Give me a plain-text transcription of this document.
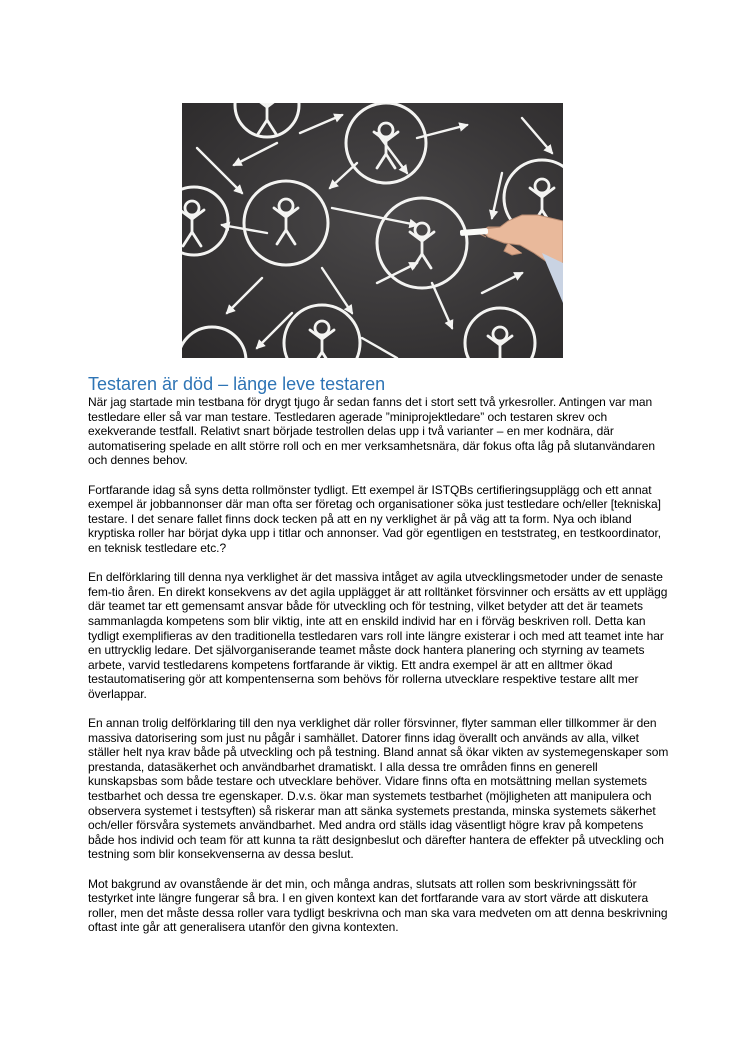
Testaren är död – länge leve testaren

När jag startade min testbana för drygt tjugo år sedan fanns det i stort sett två yrkesroller. Antingen var man testledare eller så var man testare. Testledaren agerade ”miniprojektledare” och testaren skrev och exekverande testfall. Relativt snart började testrollen delas upp i två varianter – en mer kodnära, där automatisering spelade en allt större roll och en mer verksamhetsnära, där fokus ofta låg på slutanvändaren och dennes behov.

Fortfarande idag så syns detta rollmönster tydligt. Ett exempel är ISTQBs certifieringsupplägg och ett annat exempel är jobbannonser där man ofta ser företag och organisationer söka just testledare och/eller [tekniska] testare. I det senare fallet finns dock tecken på att en ny verklighet är på väg att ta form. Nya och ibland kryptiska roller har börjat dyka upp i titlar och annonser. Vad gör egentligen en teststrateg, en testkoordinator, en teknisk testledare etc.?

En delförklaring till denna nya verklighet är det massiva intåget av agila utvecklingsmetoder under de senaste fem-tio åren. En direkt konsekvens av det agila upplägget är att rolltänket försvinner och ersätts av ett upplägg där teamet tar ett gemensamt ansvar både för utveckling och för testning, vilket betyder att det är teamets sammanlagda kompetens som blir viktig, inte att en enskild individ har en i förväg beskriven roll. Detta kan tydligt exemplifieras av den traditionella testledaren vars roll inte längre existerar i och med att teamet inte har en uttrycklig ledare. Det självorganiserande teamet måste dock hantera planering och styrning av teamets arbete, varvid testledarens kompetens fortfarande är viktig. Ett andra exempel är att en alltmer ökad testautomatisering gör att kompentenserna som behövs för rollerna utvecklare respektive testare allt mer överlappar.

En annan trolig delförklaring till den nya verklighet där roller försvinner, flyter samman eller tillkommer är den massiva datorisering som just nu pågår i samhället. Datorer finns idag överallt och används av alla, vilket ställer helt nya krav både på utveckling och på testning. Bland annat så ökar vikten av systemegenskaper som prestanda, datasäkerhet och användbarhet dramatiskt. I alla dessa tre områden finns en generell kunskapsbas som både testare och utvecklare behöver. Vidare finns ofta en motsättning mellan systemets testbarhet och dessa tre egenskaper. D.v.s. ökar man systemets testbarhet (möjligheten att manipulera och observera systemet i testsyften) så riskerar man att sänka systemets prestanda, minska systemets säkerhet och/eller försvåra systemets användbarhet. Med andra ord ställs idag väsentligt högre krav på kompetens både hos individ och team för att kunna ta rätt designbeslut och därefter hantera de effekter på utveckling och testning som blir konsekvenserna av dessa beslut.

Mot bakgrund av ovanstående är det min, och många andras, slutsats att rollen som beskrivningssätt för testyrket inte längre fungerar så bra. I en given kontext kan det fortfarande vara av stort värde att diskutera roller, men det måste dessa roller vara tydligt beskrivna och man ska vara medveten om att denna beskrivning oftast inte går att generalisera utanför den givna kontexten.
